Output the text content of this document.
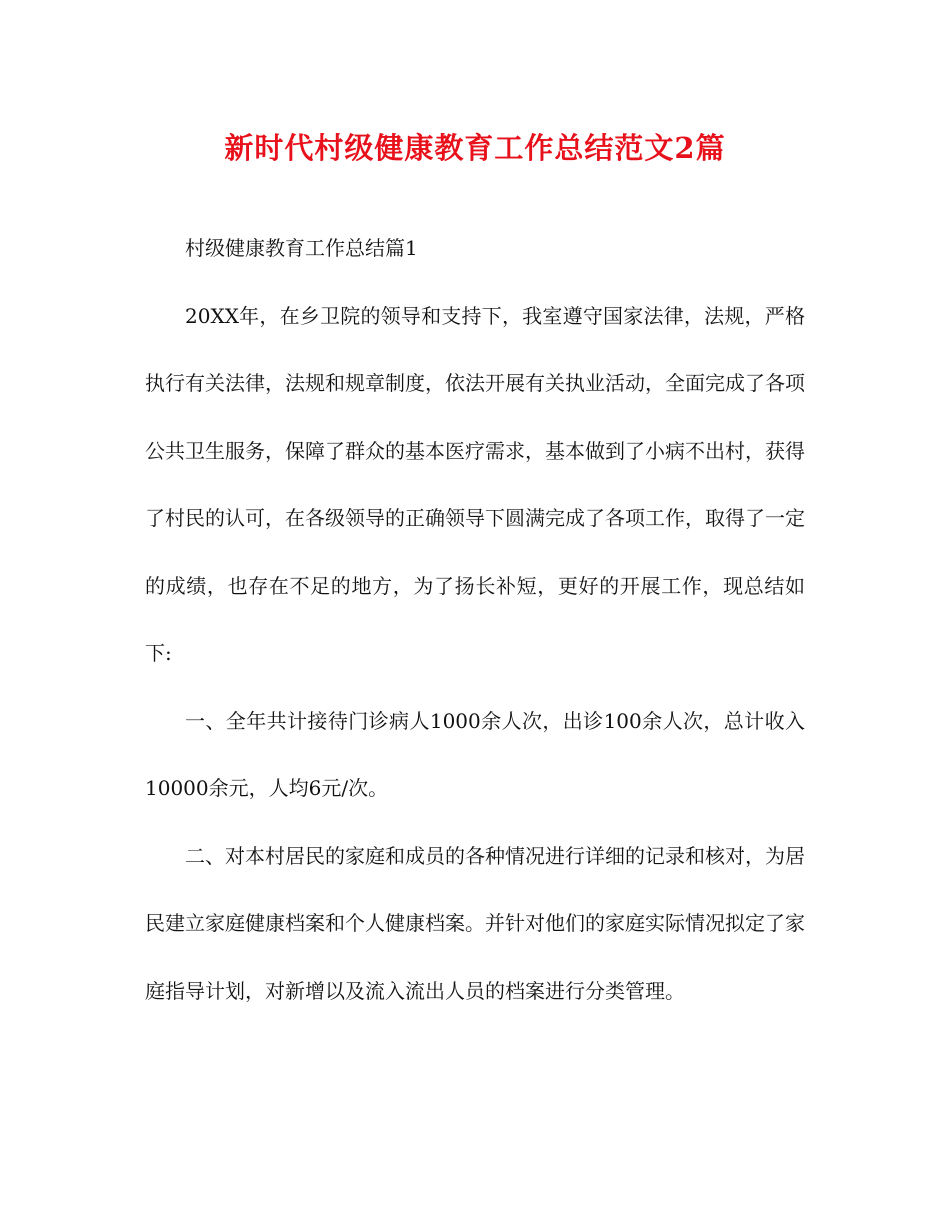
新时代村级健康教育工作总结范文2篇

村级健康教育工作总结篇1

20XX年，在乡卫院的领导和支持下，我室遵守国家法律，法规，严格执行有关法律，法规和规章制度，依法开展有关执业活动，全面完成了各项公共卫生服务，保障了群众的基本医疗需求，基本做到了小病不出村，获得了村民的认可，在各级领导的正确领导下圆满完成了各项工作，取得了一定的成绩，也存在不足的地方，为了扬长补短，更好的开展工作，现总结如下:

一、全年共计接待门诊病人1000余人次，出诊100余人次，总计收入10000余元，人均6元/次。

二、对本村居民的家庭和成员的各种情况进行详细的记录和核对，为居民建立家庭健康档案和个人健康档案。并针对他们的家庭实际情况拟定了家庭指导计划，对新增以及流入流出人员的档案进行分类管理。
